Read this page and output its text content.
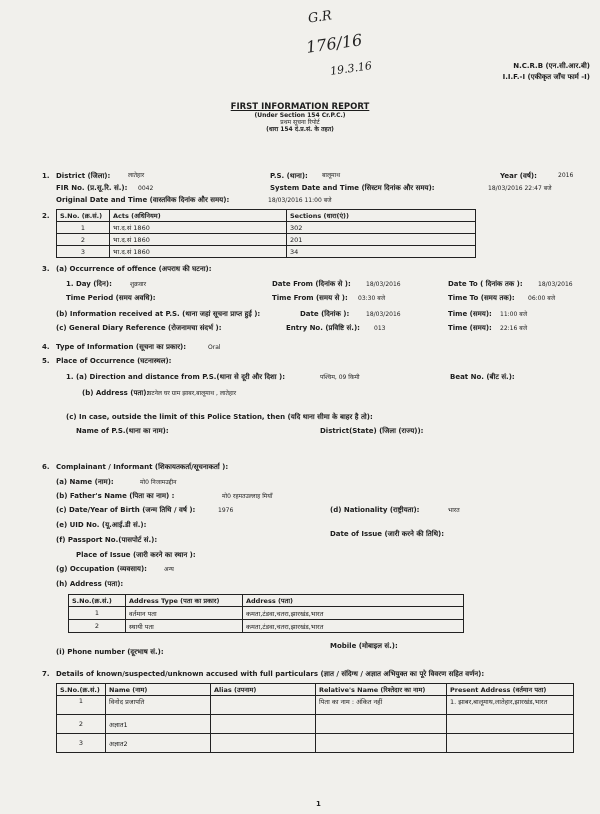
G.R
176/16
19.3.16	N.C.R.B (एन.सी.आर.बी)
I.I.F.-I (एकीकृत जाँच फार्म -I)
FIRST INFORMATION REPORT
(Under Section 154 Cr.P.C.)
प्रथम सूचना रिपोर्ट
(धारा 154 दं.प्र.सं. के तहत)
1. District (जिला):	लातेहार	P.S. (थाना): बालूमाथ	Year (वर्ष):	2016
FIR No. (प्र.सू.रि. सं.): 0042	System Date and Time (सिस्टम दिनांक और समय):	18/03/2016 22:47 बजे
Original Date and Time (वास्तविक दिनांक और समय):	18/03/2016 11:00 बजे
2. S.No. (क्र.सं.)	Acts (अधिनियम)	Sections (धारा(एं))
1	भा.द.सं 1860	302
2	भा.द.सं 1860	201
3	भा.द.सं 1860	34
3. (a) Occurrence of offence (अपराध की घटना):
1. Day (दिन):	शुक्रवार	Date From (दिनांक से ):	18/03/2016	Date To ( दिनांक तक ):	18/03/2016
Time Period (समय अवधि):	Time From (समय से ): 03:30 बजे	Time To (समय तक): 06:00 बजे
(b) Information received at P.S. (थाना जहां सूचना प्राप्त हुई ):	Date (दिनांक ):	18/03/2016	Time (समय): 11:00 बजे
(c) General Diary Reference (रोजनामचा संदर्भ ):	Entry No. (प्रविष्टि सं.): 013	Time (समय): 22:16 बजे
4. Type of Information (सूचना का प्रकार):	Oral
5. Place of Occurrence (घटनास्थल):
1. (a) Direction and distance from P.S.(थाना से दूरी और दिशा ):	पश्चिम, 09 किमी	Beat No. (बीट सं.):
(b) Address (पता):
घटनेल घर ग्राम झाबर,बालूमाथ , लातेहार
(c) In case, outside the limit of this Police Station, then (यदि थाना सीमा के बाहर है तो):
Name of P.S.(थाना का नाम):	District(State) (जिला (राज्य)):
6. Complainant / Informant (शिकायतकर्ता/सूचनाकर्ता ):
(a) Name (नाम):	मो0 निजामउद्दीन
(b) Father's Name (पिता का नाम) :	मो0 रहमतउल्लाह मियाँ
(c) Date/Year of Birth (जन्म तिथि / वर्ष ):	1976	(d) Nationality (राष्ट्रीयता):	भारत
(e) UID No. (यू.आई.डी सं.):
(f) Passport No.(पासपोर्ट सं.):
Date of Issue (जारी करने की तिथि):
Place of Issue (जारी करने का स्थान ):
(g) Occupation (व्यवसाय):	अन्य
(h) Address (पता):
S.No.(क्र.सं.)	Address Type (पता का प्रकार)	Address (पता)
1	वर्तमान पता	कमता,टंडवा,चतरा,झारखंड,भारत
2	स्थायी पता	कमता,टंडवा,चतरा,झारखंड,भारत
(i) Phone number (दूरभाष सं.):
Mobile (मोबाइल सं.):
7. Details of known/suspected/unknown accused with full particulars (ज्ञात / संदिग्ध / अज्ञात अभियुक्त का पूरे विवरण सहित वर्णन):
S.No.(क्र.सं.)	Name (नाम)	Alias (उपनाम)	Relative's Name (रिश्तेदार का नाम)	Present Address (वर्तमान पता)
1	विनोद प्रजापति		पिता का नाम : अंकित नहीं	1. झाबर,बालूमाथ,लातेहार,झारखंड,भारत
2	अज्ञात1			
3	अज्ञात2			
1
